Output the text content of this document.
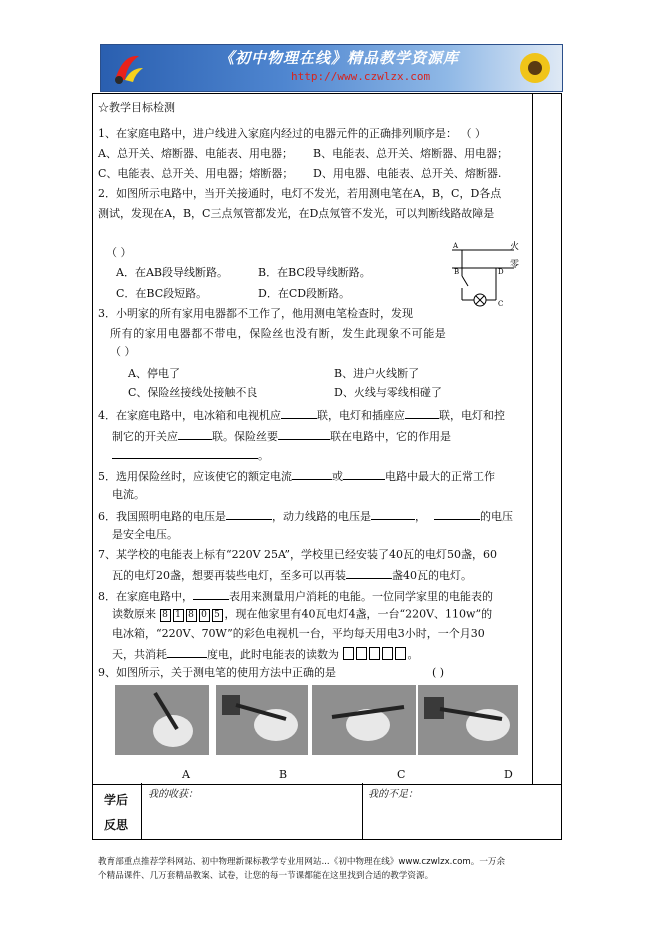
《初中物理在线》精品教学资源库
http://www.czwlzx.com
☆教学目标检测
1、在家庭电路中，进户线进入家庭内经过的电器元件的正确排列顺序是： （ ）
A、总开关、熔断器、电能表、用电器； B、电能表、总开关、熔断器、用电器；
C、电能表、总开关、用电器；熔断器； D、用电器、电能表、总开关、熔断器.
2．如图所示电路中，当开关接通时，电灯不发光，若用测电笔在A，B，C，D各点
测试，发现在A，B，C三点氖管都发光，在D点氖管不发光，可以判断线路故障是
（ ）
A．在AB段导线断路。	B．在BC段导线断路。
C．在BC段短路。	D．在CD段断路。
火
零
A
B
C
D
3．小明家的所有家用电器都不工作了，他用测电笔检查时，发现
所有的家用电器都不带电，保险丝也没有断，发生此现象不可能是
（ ）
A、停电了	B、进户火线断了
C、保险丝接线处接触不良	D、火线与零线相碰了
4．在家庭电路中，电冰箱和电视机应	联，电灯和插座应	联，电灯和控
制它的开关应	联。保险丝要	联在电路中，它的作用是
。
5．选用保险丝时，应该使它的额定电流	或	电路中最大的正常工作
电流。
6．我国照明电路的电压是	，动力线路的电压是	，	的电压
是安全电压。
7、某学校的电能表上标有“220V 25A”，学校里已经安装了40瓦的电灯50盏，60
瓦的电灯20盏，想要再装些电灯，至多可以再装	盏40瓦的电灯。
8．在家庭电路中，	表用来测量用户消耗的电能。一位同学家里的电能表的
读数原来 8 1 8 0 5 ，现在他家里有40瓦电灯4盏，一台“220V、110w”的
电冰箱，“220V、70W”的彩色电视机一台，平均每天用电3小时，一个月30
天，共消耗	度电，此时电能表的读数为	。
9、如图所示，关于测电笔的使用方法中正确的是	( )
A	B	C	D
学后
反思
我的收获：	我的不足：
教育部重点推荐学科网站、初中物理新课标教学专业用网站...《初中物理在线》www.czwlzx.com。一万余
个精品课件、几万套精品教案、试卷，让您的每一节课都能在这里找到合适的教学资源。
